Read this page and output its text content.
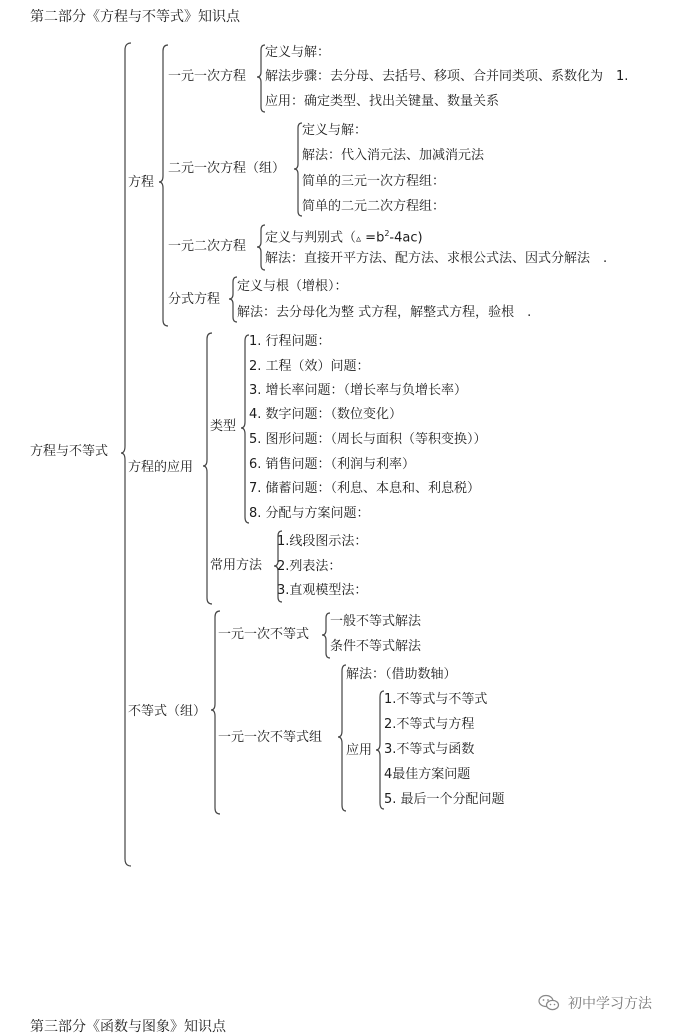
第二部分《方程与不等式》知识点
第三部分《函数与图象》知识点
方程与不等式
方程
一元一次方程
定义与解：
解法步骤：去分母、去括号、移项、合并同类项、系数化为　1.
应用：确定类型、找出关键量、数量关系
二元一次方程（组）
定义与解：
解法：代入消元法、加减消元法
简单的三元一次方程组：
简单的二元二次方程组：
一元二次方程
定义与判别式（▵ $=b^2-4ac$)
解法：直接开平方法、配方法、求根公式法、因式分解法　.
分式方程
定义与根（增根）：
解法：去分母化为整 式方程，解整式方程，验根　.
方程的应用
类型
1. 行程问题：
2. 工程（效）问题：
3. 增长率问题：（增长率与负增长率）
4. 数字问题：（数位变化）
5. 图形问题：（周长与面积（等积变换））
6. 销售问题：（利润与利率）
7. 储蓄问题：（利息、本息和、利息税）
8. 分配与方案问题：
常用方法
1.线段图示法：
2.列表法：
3.直观模型法：
不等式（组）
一元一次不等式
一般不等式解法
条件不等式解法
一元一次不等式组
解法：（借助数轴）
应用
1.不等式与不等式
2.不等式与方程
3.不等式与函数
4最佳方案问题
5. 最后一个分配问题
初中学习方法
